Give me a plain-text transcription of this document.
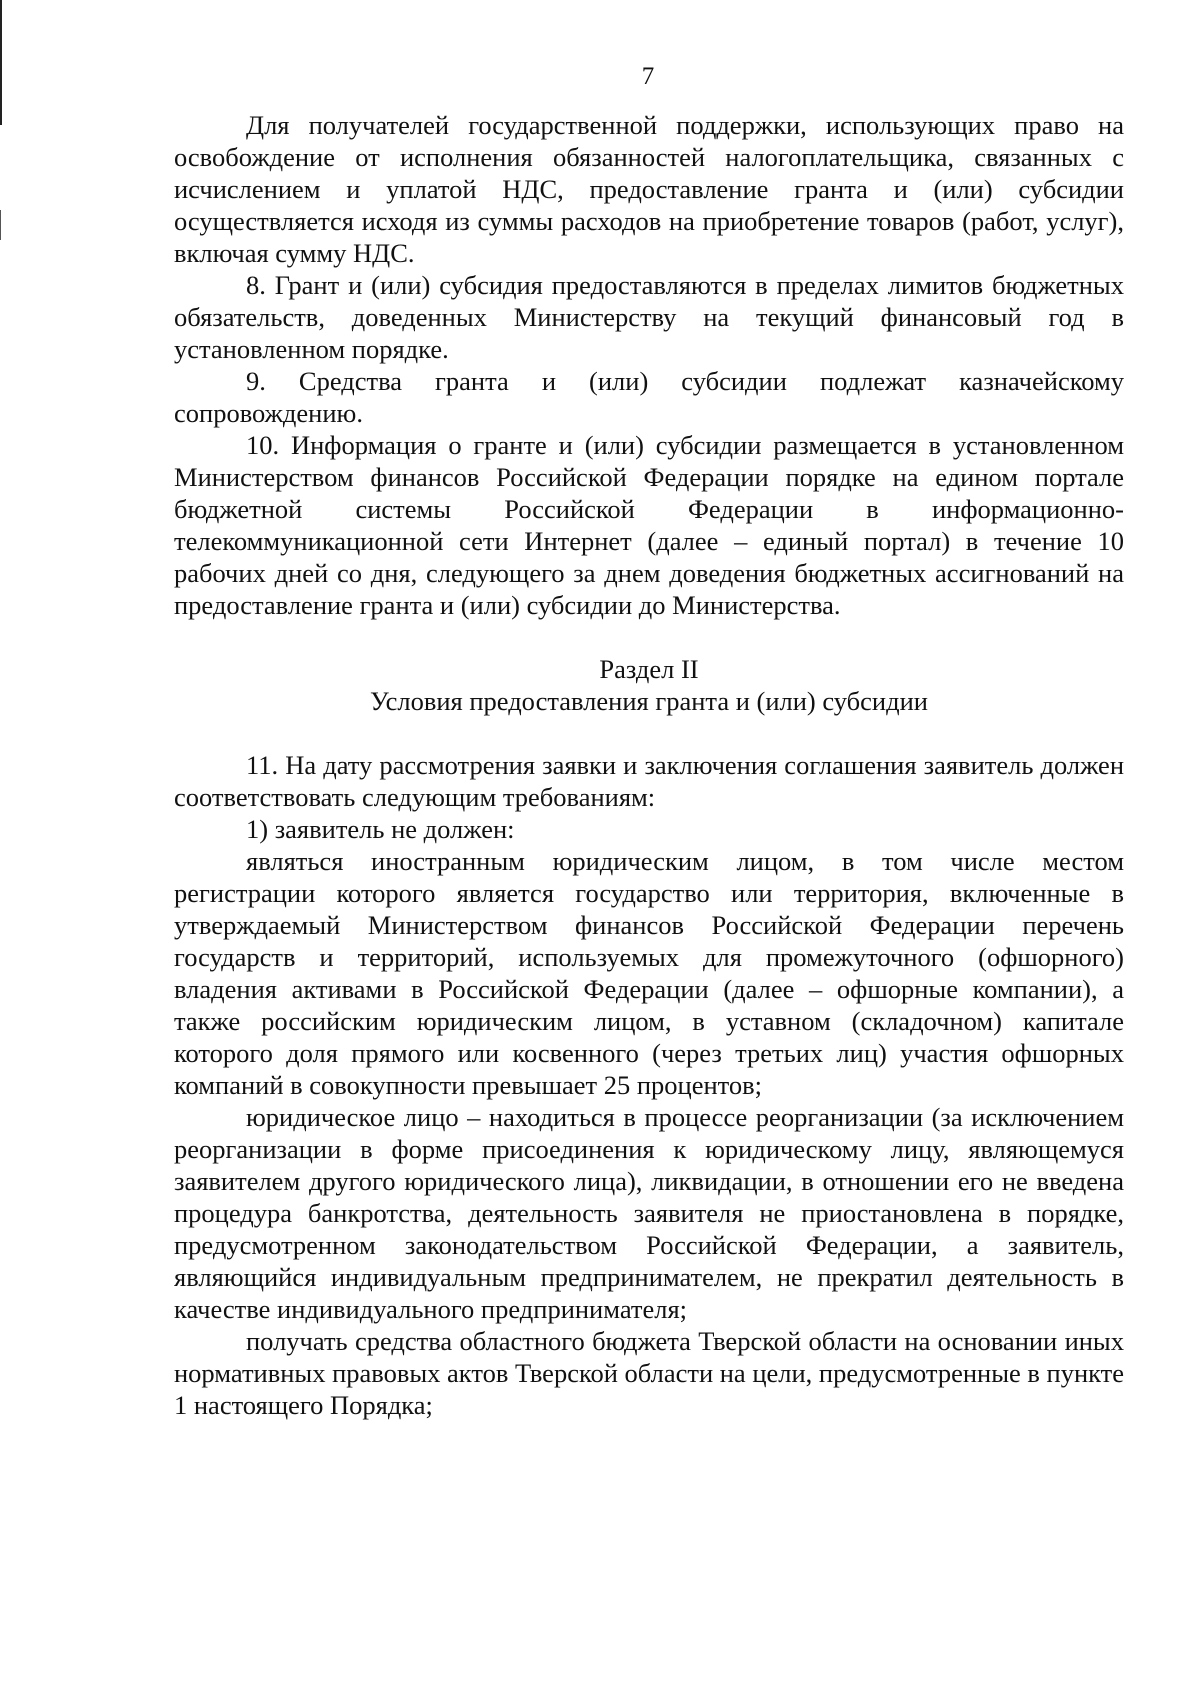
7

Для получателей государственной поддержки, использующих право на освобождение от исполнения обязанностей налогоплательщика, связанных с исчислением и уплатой НДС, предоставление гранта и (или) субсидии осуществляется исходя из суммы расходов на приобретение товаров (работ, услуг), включая сумму НДС.

8. Грант и (или) субсидия предоставляются в пределах лимитов бюджетных обязательств, доведенных Министерству на текущий финансовый год в установленном порядке.

9. Средства гранта и (или) субсидии подлежат казначейскому сопровождению.

10. Информация о гранте и (или) субсидии размещается в установленном Министерством финансов Российской Федерации порядке на едином портале бюджетной системы Российской Федерации в информационно-телекоммуникационной сети Интернет (далее – единый портал) в течение 10 рабочих дней со дня, следующего за днем доведения бюджетных ассигнований на предоставление гранта и (или) субсидии до Министерства.

Раздел II

Условия предоставления гранта и (или) субсидии

11. На дату рассмотрения заявки и заключения соглашения заявитель должен соответствовать следующим требованиям:

1) заявитель не должен:

являться иностранным юридическим лицом, в том числе местом регистрации которого является государство или территория, включенные в утверждаемый Министерством финансов Российской Федерации перечень государств и территорий, используемых для промежуточного (офшорного) владения активами в Российской Федерации (далее – офшорные компании), а также российским юридическим лицом, в уставном (складочном) капитале которого доля прямого или косвенного (через третьих лиц) участия офшорных компаний в совокупности превышает 25 процентов;

юридическое лицо – находиться в процессе реорганизации (за исключением реорганизации в форме присоединения к юридическому лицу, являющемуся заявителем другого юридического лица), ликвидации, в отношении его не введена процедура банкротства, деятельность заявителя не приостановлена в порядке, предусмотренном законодательством Российской Федерации, а заявитель, являющийся индивидуальным предпринимателем, не прекратил деятельность в качестве индивидуального предпринимателя;

получать средства областного бюджета Тверской области на основании иных нормативных правовых актов Тверской области на цели, предусмотренные в пункте 1 настоящего Порядка;
